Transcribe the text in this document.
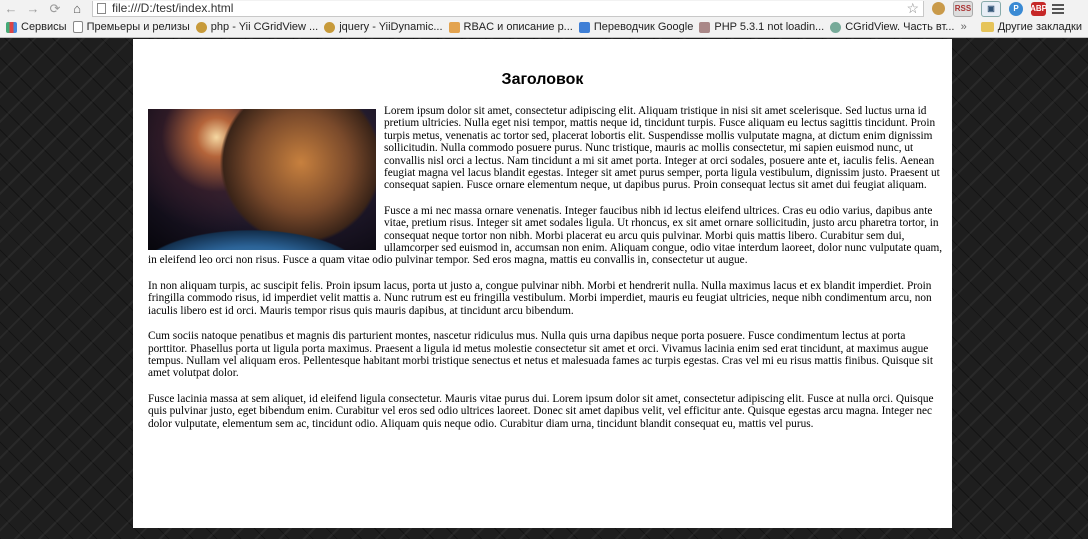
← → ⟳ ⌂	file:///D:/test/index.html	☆	RSS	▣	P	ABP
Сервисы Премьеры и релизы php - Yii CGridView ... jquery - YiiDynamic... RBAC и описание р... Переводчик Google PHP 5.3.1 not loadin... CGridView. Часть вт... »	Другие закладки
Заголовок

Lorem ipsum dolor sit amet, consectetur adipiscing elit. Aliquam tristique in nisi sit amet scelerisque. Sed luctus urna id pretium ultricies. Nulla eget nisi tempor, mattis neque id, tincidunt turpis. Fusce aliquam eu lectus sagittis tincidunt. Proin turpis metus, venenatis ac tortor sed, placerat lobortis elit. Suspendisse mollis vulputate magna, at dictum enim dignissim sollicitudin. Nulla commodo posuere purus. Nunc tristique, mauris ac mollis consectetur, mi sapien euismod nunc, ut convallis nisl orci a lectus. Nam tincidunt a mi sit amet porta. Integer at orci sodales, posuere ante et, iaculis felis. Aenean feugiat magna vel lacus blandit egestas. Integer sit amet purus semper, porta ligula vestibulum, dignissim justo. Praesent ut consequat sapien. Fusce ornare elementum neque, ut dapibus purus. Proin consequat lectus sit amet dui feugiat aliquam.

Fusce a mi nec massa ornare venenatis. Integer faucibus nibh id lectus eleifend ultrices. Cras eu odio varius, dapibus ante vitae, pretium risus. Integer sit amet sodales ligula. Ut rhoncus, ex sit amet ornare sollicitudin, justo arcu pharetra tortor, in consequat neque tortor non nibh. Morbi placerat eu arcu quis pulvinar. Morbi quis mattis libero. Curabitur sem dui, ullamcorper sed euismod in, accumsan non enim. Aliquam congue, odio vitae interdum laoreet, dolor nunc vulputate quam, in eleifend leo orci non risus. Fusce a quam vitae odio pulvinar tempor. Sed eros magna, mattis eu convallis in, consectetur ut augue.

In non aliquam turpis, ac suscipit felis. Proin ipsum lacus, porta ut justo a, congue pulvinar nibh. Morbi et hendrerit nulla. Nulla maximus lacus et ex blandit imperdiet. Proin fringilla commodo risus, id imperdiet velit mattis a. Nunc rutrum est eu fringilla vestibulum. Morbi imperdiet, mauris eu feugiat ultricies, neque nibh condimentum arcu, non iaculis libero est id orci. Mauris tempor risus quis mauris dapibus, at tincidunt arcu bibendum.

Cum sociis natoque penatibus et magnis dis parturient montes, nascetur ridiculus mus. Nulla quis urna dapibus neque porta posuere. Fusce condimentum lectus at porta porttitor. Phasellus porta ut ligula porta maximus. Praesent a ligula id metus molestie consectetur sit amet et orci. Vivamus lacinia enim sed erat tincidunt, at maximus augue tempus. Nullam vel aliquam eros. Pellentesque habitant morbi tristique senectus et netus et malesuada fames ac turpis egestas. Cras vel mi eu risus mattis finibus. Quisque sit amet volutpat dolor.

Fusce lacinia massa at sem aliquet, id eleifend ligula consectetur. Mauris vitae purus dui. Lorem ipsum dolor sit amet, consectetur adipiscing elit. Fusce at nulla orci. Quisque quis pulvinar justo, eget bibendum enim. Curabitur vel eros sed odio ultrices laoreet. Donec sit amet dapibus velit, vel efficitur ante. Quisque egestas arcu magna. Integer nec dolor vulputate, elementum sem ac, tincidunt odio. Aliquam quis neque odio. Curabitur diam urna, tincidunt blandit consequat eu, mattis vel purus.
